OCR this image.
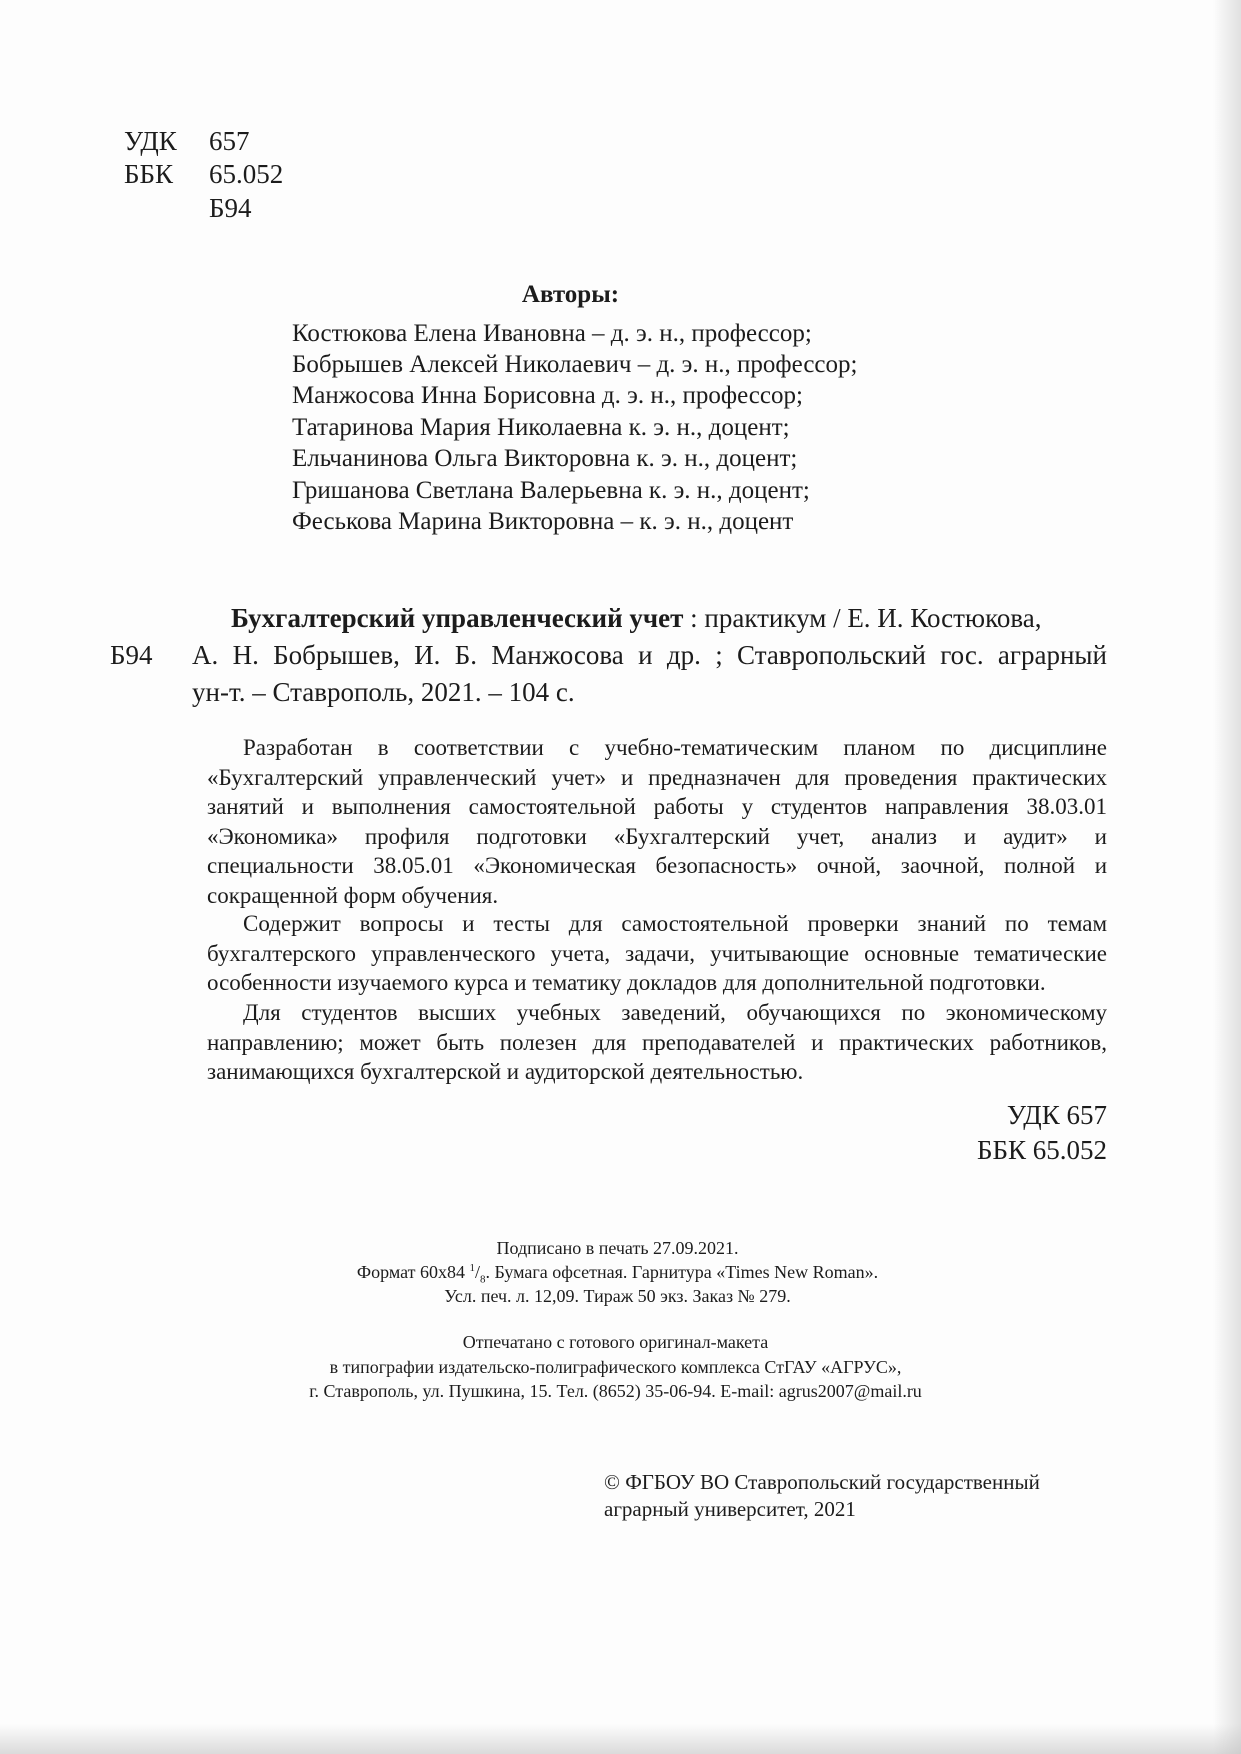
УДК 657
ББК 65.052
Б94
Авторы:
Костюкова Елена Ивановна – д. э. н., профессор;
Бобрышев Алексей Николаевич – д. э. н., профессор;
Манжосова Инна Борисовна д. э. н., профессор;
Татаринова Мария Николаевна к. э. н., доцент;
Ельчанинова Ольга Викторовна к. э. н., доцент;
Гришанова Светлана Валерьевна к. э. н., доцент;
Феськова Марина Викторовна – к. э. н., доцент
Бухгалтерский управленческий учет : практикум / Е. И. Костюкова,
Б94 А. Н. Бобрышев, И. Б. Манжосова и др. ; Ставропольский гос. аграрный
ун-т. – Ставрополь, 2021. – 104 с.
Разработан в соответствии с учебно-тематическим планом по дисциплине
«Бухгалтерский управленческий учет» и предназначен для проведения практических
занятий и выполнения самостоятельной работы у студентов направления 38.03.01
«Экономика» профиля подготовки «Бухгалтерский учет, анализ и аудит» и
специальности 38.05.01 «Экономическая безопасность» очной, заочной, полной и
сокращенной форм обучения.
Содержит вопросы и тесты для самостоятельной проверки знаний по темам
бухгалтерского управленческого учета, задачи, учитывающие основные тематические
особенности изучаемого курса и тематику докладов для дополнительной подготовки.
Для студентов высших учебных заведений, обучающихся по экономическому
направлению; может быть полезен для преподавателей и практических работников,
занимающихся бухгалтерской и аудиторской деятельностью.
УДК 657
ББК 65.052
Подписано в печать 27.09.2021.
Формат 60х84 $^1/_8$. Бумага офсетная. Гарнитура «Times New Roman».
Усл. печ. л. 12,09. Тираж 50 экз. Заказ № 279.
Отпечатано с готового оригинал-макета
в типографии издательско-полиграфического комплекса СтГАУ «АГРУС»,
г. Ставрополь, ул. Пушкина, 15. Тел. (8652) 35-06-94. E-mail: agrus2007@mail.ru
© ФГБОУ ВО Ставропольский государственный
аграрный университет, 2021
